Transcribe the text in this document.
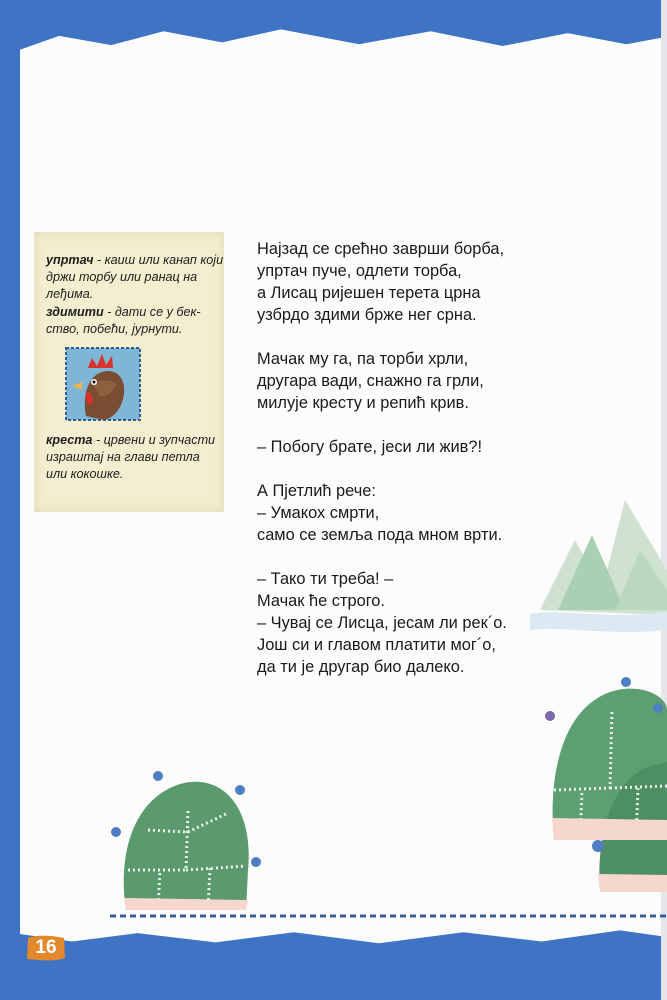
упртач - каиш или канап који држи торбу или ранац на леђима.

здимити - дати се у бек-ство, побећи, јурнути.

креста - црвени и зупчасти израштај на глави петла или кокошке.

Најзад се срећно заврши борба,
упртач пуче, одлети торба,
а Лисац ријешен терета црна
узбрдо здими брже нег срна.

Мачак му га, па торби хрли,
другара вади, снажно га грли,
милује кресту и репић крив.

– Побогу брате, јеси ли жив?!

А Пјетлић рече:
– Умакох смрти,
само се земља пода мном врти.

– Тако ти треба! –
Мачак ће строго.
– Чувај се Лисца, јесам ли рек´о.
Још си и главом платити мог´о,
да ти је другар био далеко.

16
